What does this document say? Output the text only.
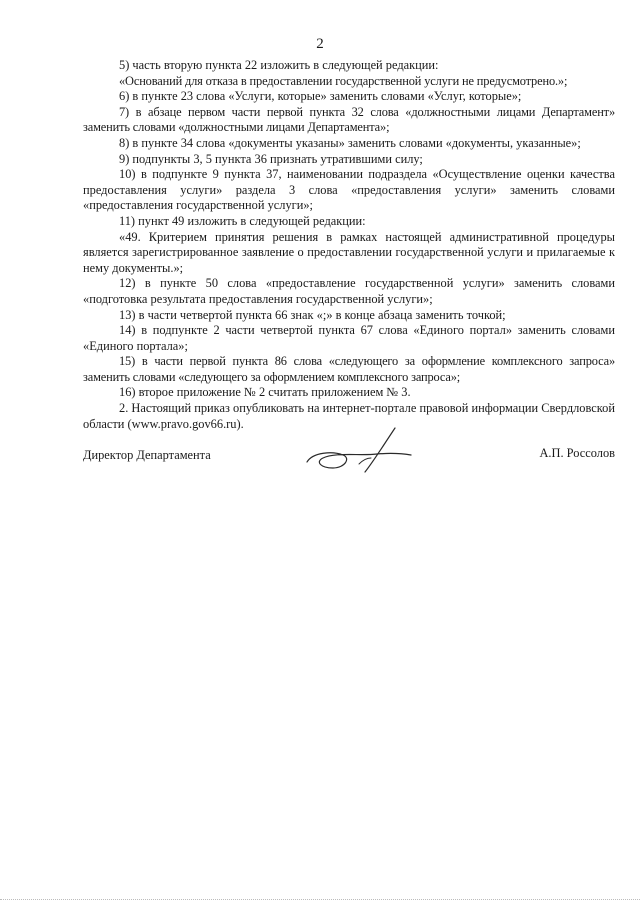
2

5) часть вторую пункта 22 изложить в следующей редакции:

«Оснований для отказа в предоставлении государственной услуги не предусмотрено.»;

6) в пункте 23 слова «Услуги, которые» заменить словами «Услуг, которые»;

7) в абзаце первом части первой пункта 32 слова «должностными лицами Департамент» заменить словами «должностными лицами Департамента»;

8) в пункте 34 слова «документы указаны» заменить словами «документы, указанные»;

9) подпункты 3, 5 пункта 36 признать утратившими силу;

10) в подпункте 9 пункта 37, наименовании подраздела «Осуществление оценки качества предоставления услуги» раздела 3 слова «предоставления услуги» заменить словами «предоставления государственной услуги»;

11) пункт 49 изложить в следующей редакции:

«49. Критерием принятия решения в рамках настоящей административной процедуры является зарегистрированное заявление о предоставлении государственной услуги и прилагаемые к нему документы.»;

12) в пункте 50 слова «предоставление государственной услуги» заменить словами «подготовка результата предоставления государственной услуги»;

13) в части четвертой пункта 66 знак «;» в конце абзаца заменить точкой;

14) в подпункте 2 части четвертой пункта 67 слова «Единого портал» заменить словами «Единого портала»;

15) в части первой пункта 86 слова «следующего за оформление комплексного запроса» заменить словами «следующего за оформлением комплексного запроса»;

16) второе приложение № 2 считать приложением № 3.

2. Настоящий приказ опубликовать на интернет-портале правовой информации Свердловской области (www.pravo.gov66.ru).

Директор Департамента	А.П. Россолов
